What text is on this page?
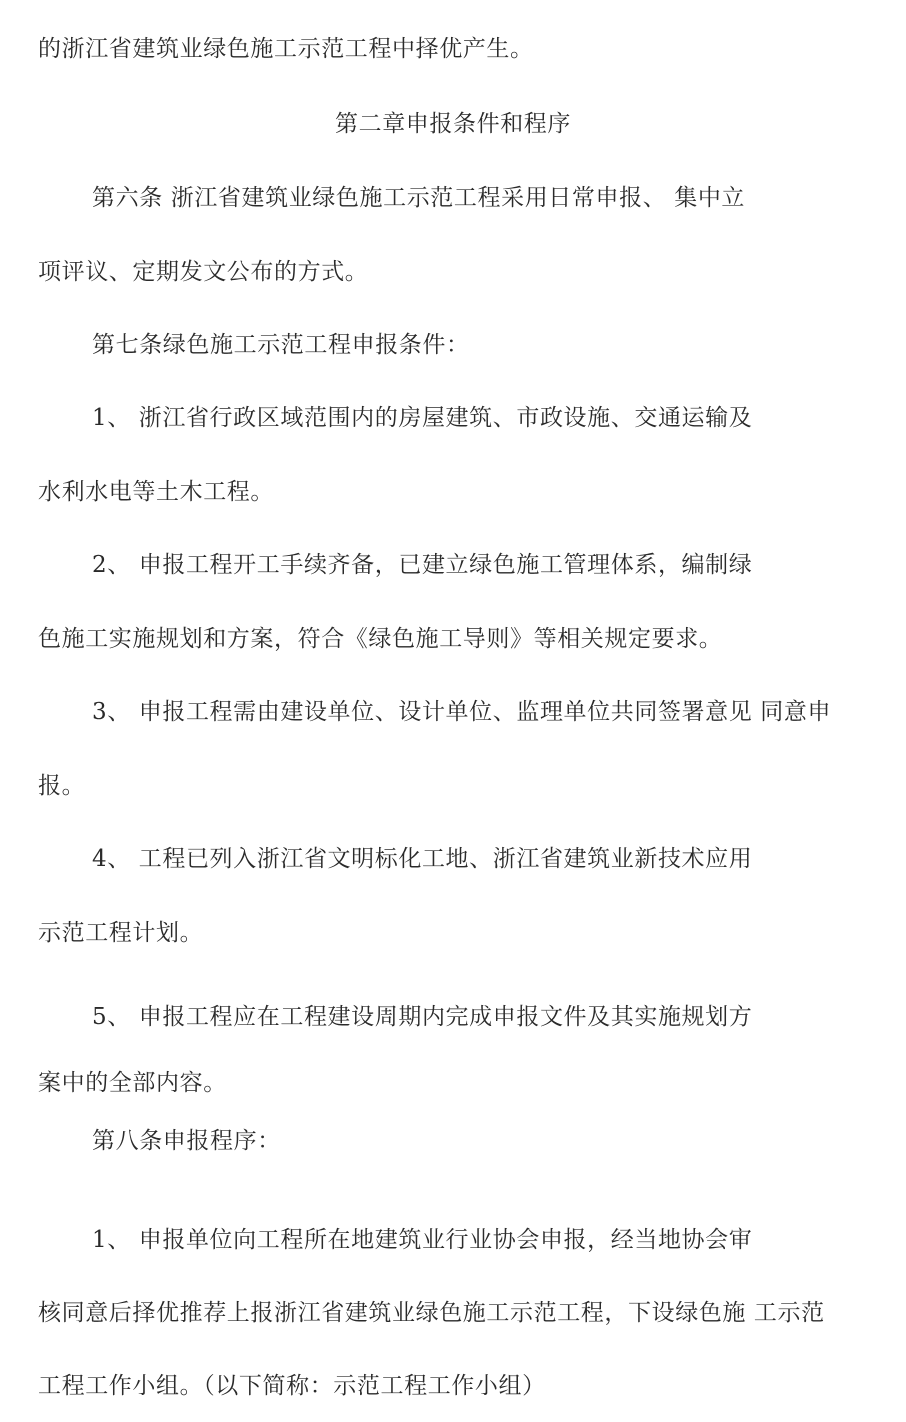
的浙江省建筑业绿色施工示范工程中择优产生。
第二章申报条件和程序
第六条 浙江省建筑业绿色施工示范工程采用日常申报、 集中立
项评议、定期发文公布的方式。
第七条绿色施工示范工程申报条件：
1、 浙江省行政区域范围内的房屋建筑、市政设施、交通运输及
水利水电等土木工程。
2、 申报工程开工手续齐备，已建立绿色施工管理体系，编制绿
色施工实施规划和方案，符合《绿色施工导则》等相关规定要求。
3、 申报工程需由建设单位、设计单位、监理单位共同签署意见 同意申
报。
4、 工程已列入浙江省文明标化工地、浙江省建筑业新技术应用
示范工程计划。
5、 申报工程应在工程建设周期内完成申报文件及其实施规划方
案中的全部内容。
第八条申报程序：
1、 申报单位向工程所在地建筑业行业协会申报，经当地协会审
核同意后择优推荐上报浙江省建筑业绿色施工示范工程，下设绿色施 工示范
工程工作小组。（以下简称：示范工程工作小组）
